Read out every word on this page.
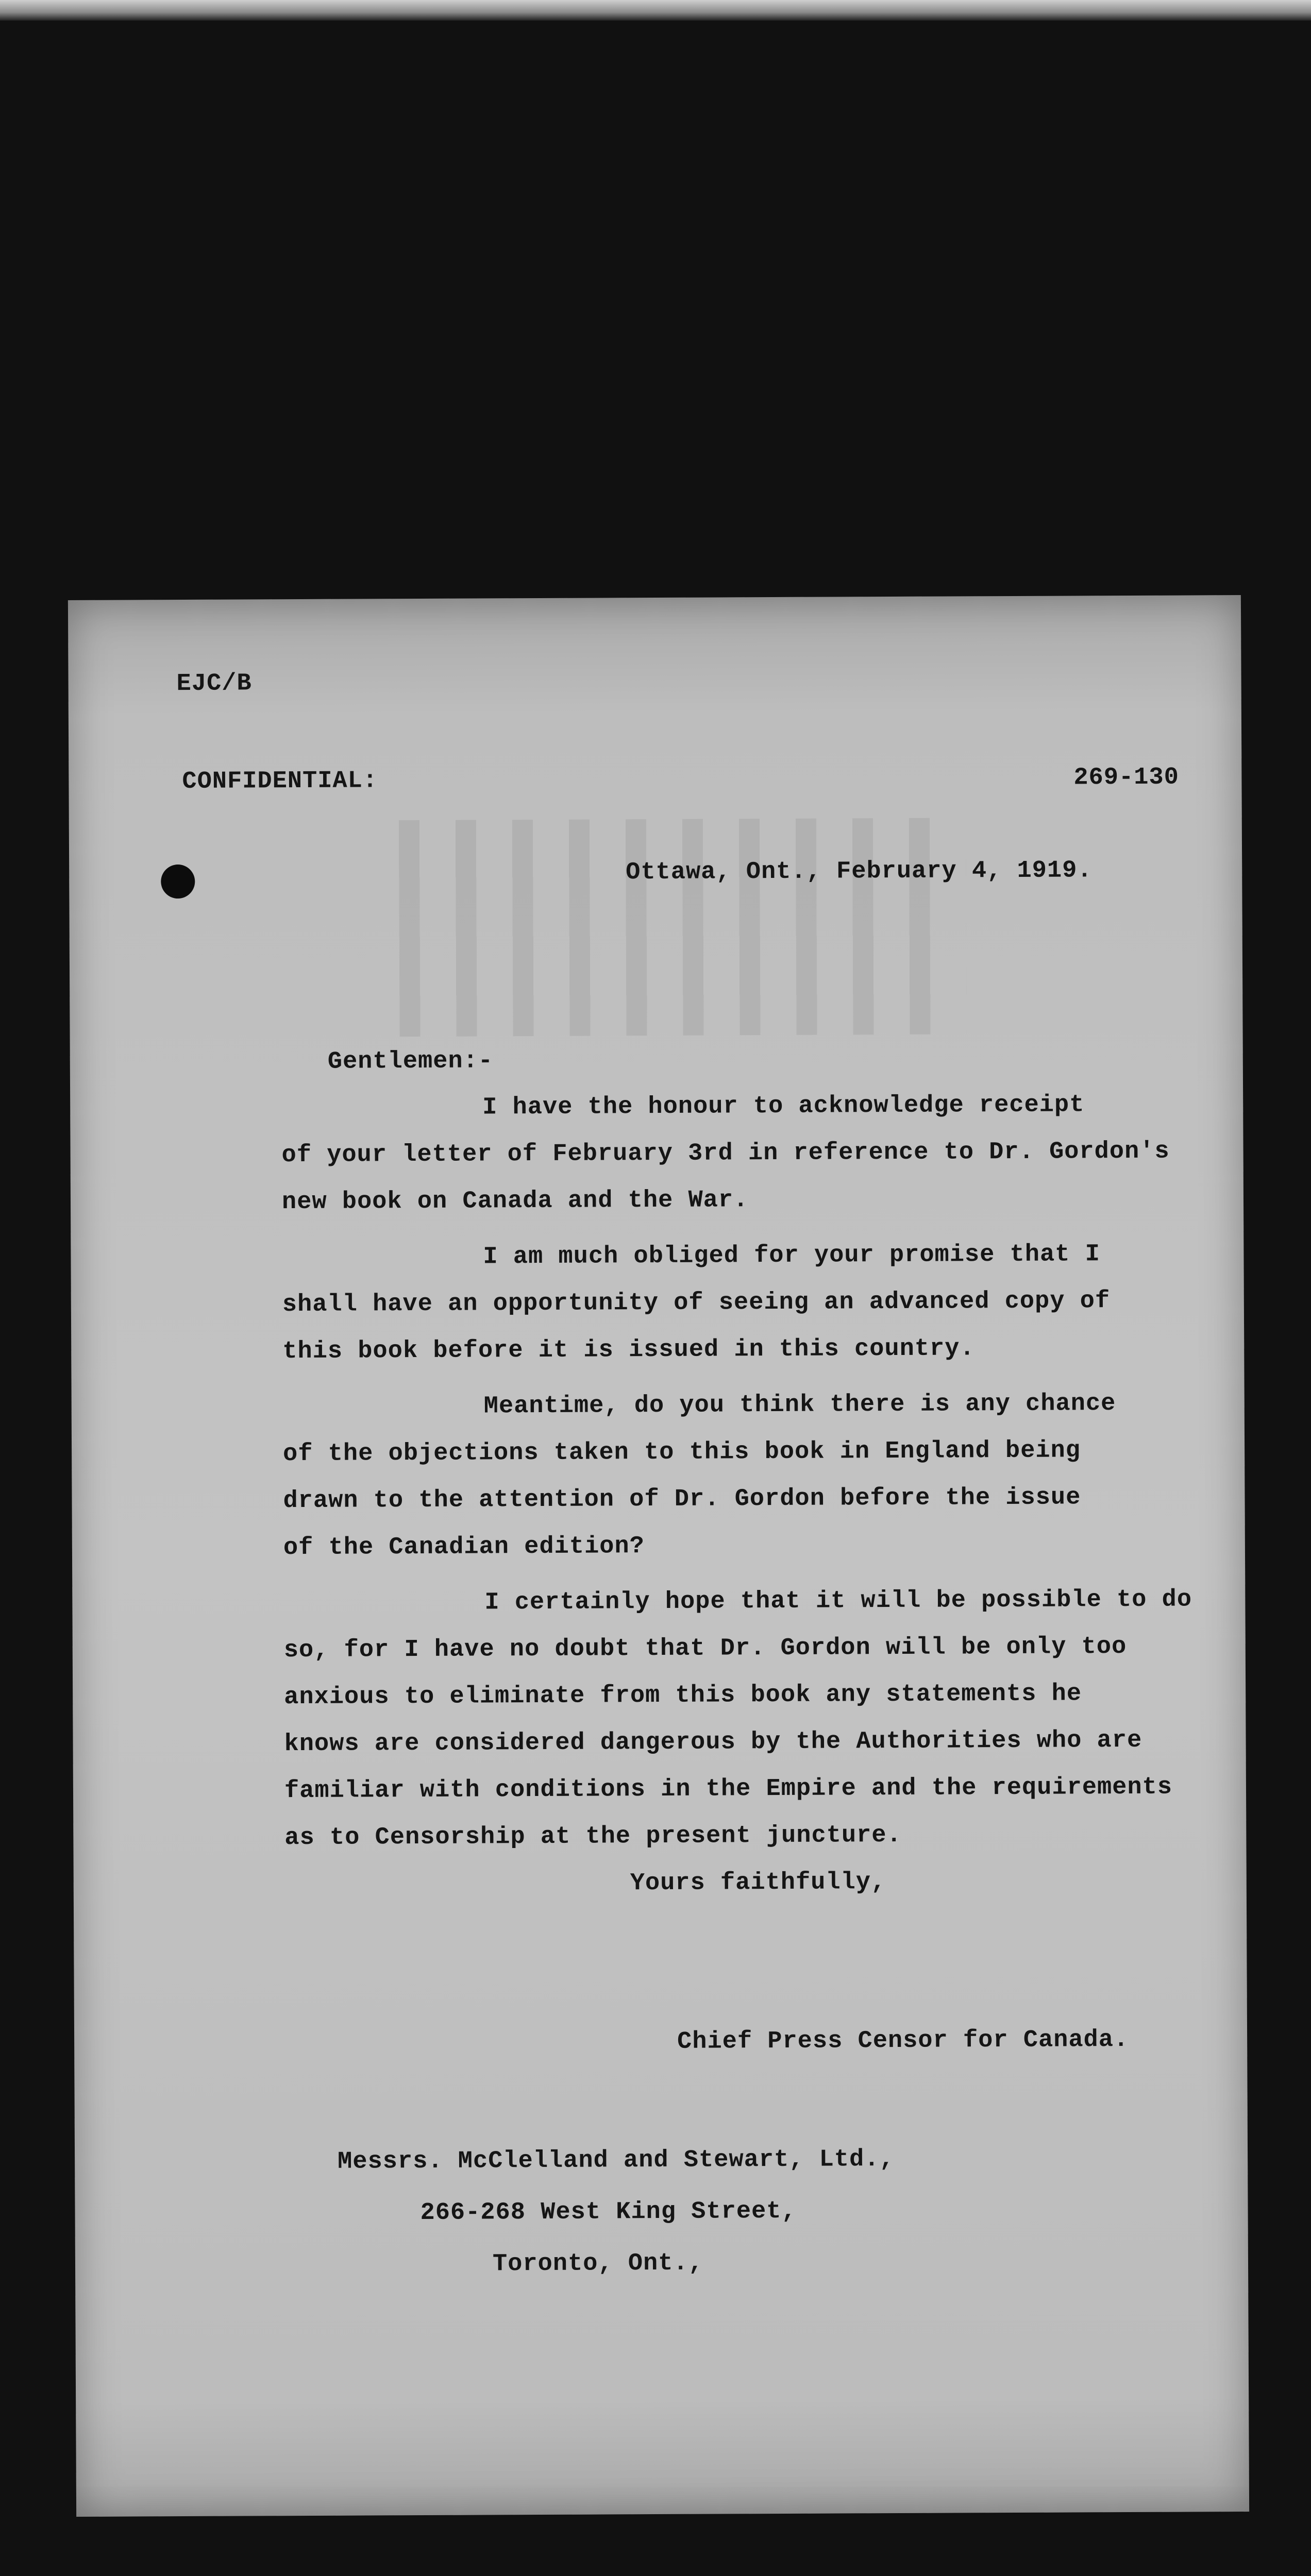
EJC/B
CONFIDENTIAL:	269-130
Ottawa, Ont., February 4, 1919.
Gentlemen:-
I have the honour to acknowledge receipt
of your letter of February 3rd in reference to Dr. Gordon's
new book on Canada and the War.
I am much obliged for your promise that I
shall have an opportunity of seeing an advanced copy of
this book before it is issued in this country.
Meantime, do you think there is any chance
of the objections taken to this book in England being
drawn to the attention of Dr. Gordon before the issue
of the Canadian edition?
I certainly hope that it will be possible to do
so, for I have no doubt that Dr. Gordon will be only too
anxious to eliminate from this book any statements he
knows are considered dangerous by the Authorities who are
familiar with conditions in the Empire and the requirements
as to Censorship at the present juncture.
Yours faithfully,
Chief Press Censor for Canada.
Messrs. McClelland and Stewart, Ltd.,
266-268 West King Street,
Toronto, Ont.,
